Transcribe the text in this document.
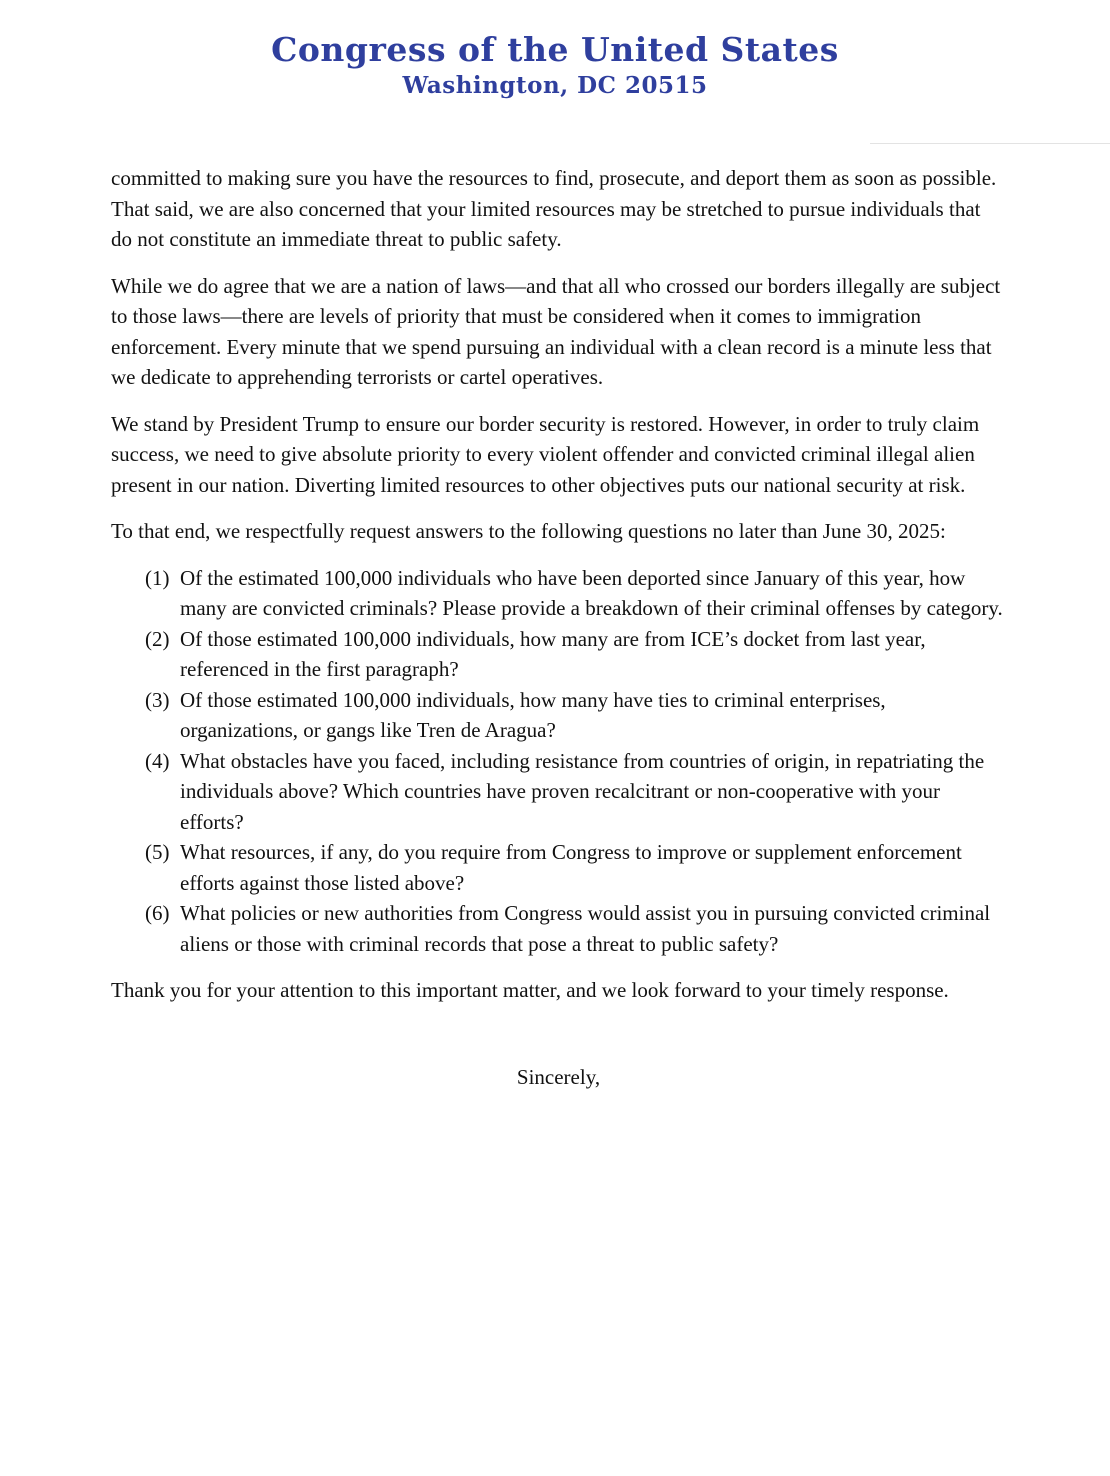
Congress of the United States
Washington, DC 20515

committed to making sure you have the resources to find, prosecute, and deport them as soon as possible. That said, we are also concerned that your limited resources may be stretched to pursue individuals that do not constitute an immediate threat to public safety.

While we do agree that we are a nation of laws—and that all who crossed our borders illegally are subject to those laws—there are levels of priority that must be considered when it comes to immigration enforcement. Every minute that we spend pursuing an individual with a clean record is a minute less that we dedicate to apprehending terrorists or cartel operatives.

We stand by President Trump to ensure our border security is restored. However, in order to truly claim success, we need to give absolute priority to every violent offender and convicted criminal illegal alien present in our nation. Diverting limited resources to other objectives puts our national security at risk.

To that end, we respectfully request answers to the following questions no later than June 30, 2025:

(1) Of the estimated 100,000 individuals who have been deported since January of this year, how many are convicted criminals? Please provide a breakdown of their criminal offenses by category.
(2) Of those estimated 100,000 individuals, how many are from ICE’s docket from last year, referenced in the first paragraph?
(3) Of those estimated 100,000 individuals, how many have ties to criminal enterprises, organizations, or gangs like Tren de Aragua?
(4) What obstacles have you faced, including resistance from countries of origin, in repatriating the individuals above? Which countries have proven recalcitrant or non-cooperative with your efforts?
(5) What resources, if any, do you require from Congress to improve or supplement enforcement efforts against those listed above?
(6) What policies or new authorities from Congress would assist you in pursuing convicted criminal aliens or those with criminal records that pose a threat to public safety?

Thank you for your attention to this important matter, and we look forward to your timely response.

Sincerely,
